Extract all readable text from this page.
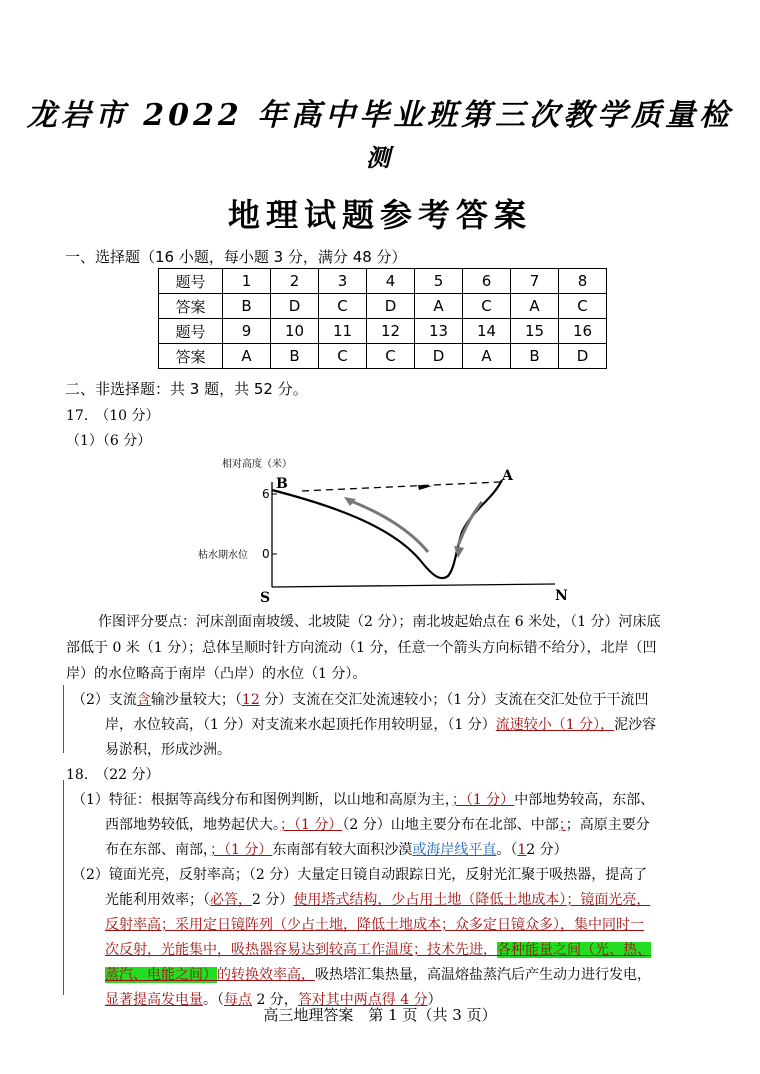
龙岩市 2022 年高中毕业班第三次教学质量检
测
地理试题参考答案
一、选择题（16 小题，每小题 3 分，满分 48 分）
题号	1	2	3	4	5	6	7	8
答案	B	D	C	D	A	C	A	C
题号	9	10	11	12	13	14	15	16
答案	A	B	C	C	D	A	B	D
二、非选择题：共 3 题，共 52 分。
17.　（10 分）
（1）（6 分）
相对高度（米）
6
0
枯水期水位
B	A
S	N
作图评分要点：河床剖面南坡缓、北坡陡（2 分）；南北坡起始点在 6 米处，（1 分）河床底
部低于 0 米（1 分）；总体呈顺时针方向流动（1 分，任意一个箭头方向标错不给分），北岸（凹
岸）的水位略高于南岸（凸岸）的水位（1 分）。
（2）支流含输沙量较大；（12 分）支流在交汇处流速较小；（1 分）支流在交汇处位于干流凹
岸，水位较高，（1 分）对支流来水起顶托作用较明显，（1 分）流速较小（1 分），泥沙容
易淤积，形成沙洲。
18.　（22 分）
（1）特征：根据等高线分布和图例判断，以山地和高原为主，；（1 分）中部地势较高，东部、
西部地势较低，地势起伏大。；（1 分）（2 分）山地主要分布在北部、中部；；高原主要分
布在东部、南部，；（1 分）东南部有较大面积沙漠或海岸线平直。（12 分）
（2）镜面光亮，反射率高；（2 分）大量定日镜自动跟踪日光，反射光汇聚于吸热器，提高了
光能利用效率；（必答，2 分）使用塔式结构，少占用土地（降低土地成本）；镜面光亮，
反射率高；采用定日镜阵列（少占土地，降低土地成本；众多定日镜众多），集中同时一
次反射，光能集中，吸热器容易达到较高工作温度；技术先进，各种能量之间（光、热、
蒸汽、电能之间）的转换效率高，吸热塔汇集热量，高温熔盐蒸汽后产生动力进行发电，
显著提高发电量。（每点 2 分，答对其中两点得 4 分）
高三地理答案　第 1 页（共 3 页）
